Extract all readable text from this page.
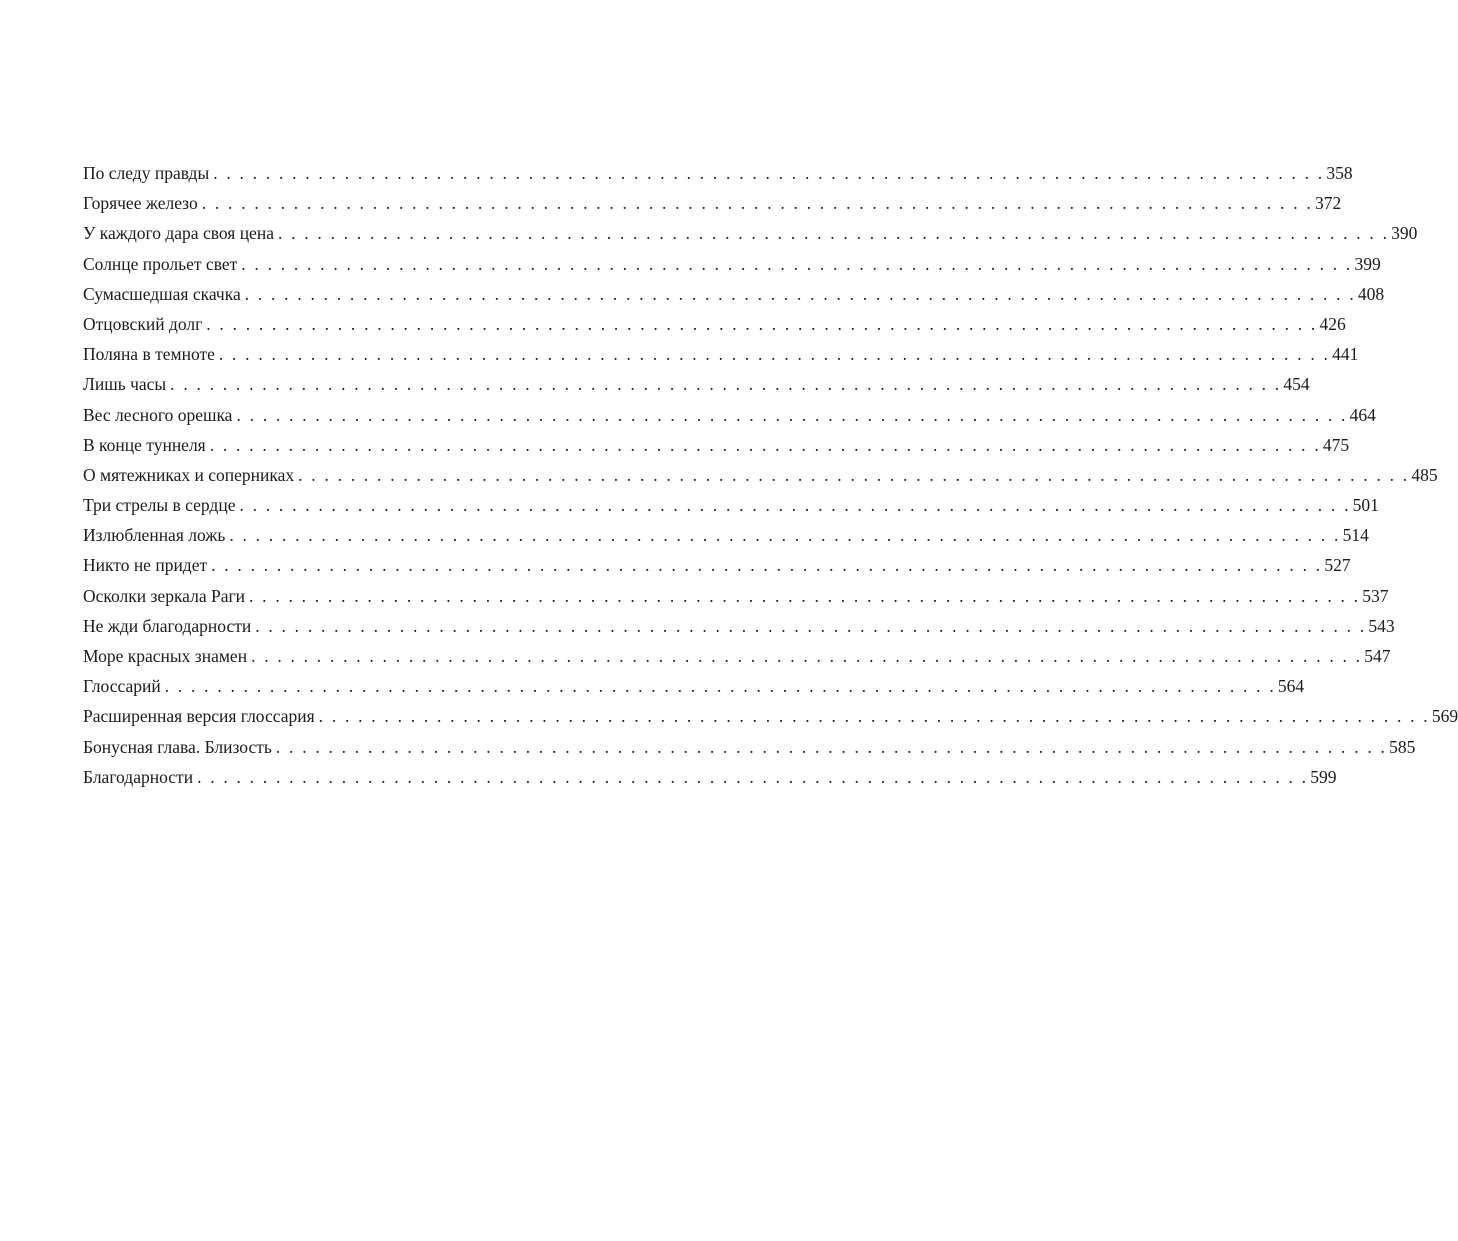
По следу правды . . . . . . . . . . . . . . . . . . . . . . . . . . . . . . . . . . . . . . . . . . . . . . . . . . . . . . . . . . . . . . . . . . . . . . . . . . . . . . . . . . . . . 358
Горячее железо . . . . . . . . . . . . . . . . . . . . . . . . . . . . . . . . . . . . . . . . . . . . . . . . . . . . . . . . . . . . . . . . . . . . . . . . . . . . . . . . . . . . . 372
У каждого дара своя цена . . . . . . . . . . . . . . . . . . . . . . . . . . . . . . . . . . . . . . . . . . . . . . . . . . . . . . . . . . . . . . . . . . . . . . . . . . . . . . . . . . . . . 390
Солнце прольет свет . . . . . . . . . . . . . . . . . . . . . . . . . . . . . . . . . . . . . . . . . . . . . . . . . . . . . . . . . . . . . . . . . . . . . . . . . . . . . . . . . . . . . 399
Сумасшедшая скачка . . . . . . . . . . . . . . . . . . . . . . . . . . . . . . . . . . . . . . . . . . . . . . . . . . . . . . . . . . . . . . . . . . . . . . . . . . . . . . . . . . . . . 408
Отцовский долг . . . . . . . . . . . . . . . . . . . . . . . . . . . . . . . . . . . . . . . . . . . . . . . . . . . . . . . . . . . . . . . . . . . . . . . . . . . . . . . . . . . . . 426
Поляна в темноте . . . . . . . . . . . . . . . . . . . . . . . . . . . . . . . . . . . . . . . . . . . . . . . . . . . . . . . . . . . . . . . . . . . . . . . . . . . . . . . . . . . . . 441
Лишь часы . . . . . . . . . . . . . . . . . . . . . . . . . . . . . . . . . . . . . . . . . . . . . . . . . . . . . . . . . . . . . . . . . . . . . . . . . . . . . . . . . . . . . 454
Вес лесного орешка . . . . . . . . . . . . . . . . . . . . . . . . . . . . . . . . . . . . . . . . . . . . . . . . . . . . . . . . . . . . . . . . . . . . . . . . . . . . . . . . . . . . . 464
В конце туннеля . . . . . . . . . . . . . . . . . . . . . . . . . . . . . . . . . . . . . . . . . . . . . . . . . . . . . . . . . . . . . . . . . . . . . . . . . . . . . . . . . . . . . 475
О мятежниках и соперниках . . . . . . . . . . . . . . . . . . . . . . . . . . . . . . . . . . . . . . . . . . . . . . . . . . . . . . . . . . . . . . . . . . . . . . . . . . . . . . . . . . . . . 485
Три стрелы в сердце . . . . . . . . . . . . . . . . . . . . . . . . . . . . . . . . . . . . . . . . . . . . . . . . . . . . . . . . . . . . . . . . . . . . . . . . . . . . . . . . . . . . . 501
Излюбленная ложь . . . . . . . . . . . . . . . . . . . . . . . . . . . . . . . . . . . . . . . . . . . . . . . . . . . . . . . . . . . . . . . . . . . . . . . . . . . . . . . . . . . . . 514
Никто не придет . . . . . . . . . . . . . . . . . . . . . . . . . . . . . . . . . . . . . . . . . . . . . . . . . . . . . . . . . . . . . . . . . . . . . . . . . . . . . . . . . . . . . 527
Осколки зеркала Раги . . . . . . . . . . . . . . . . . . . . . . . . . . . . . . . . . . . . . . . . . . . . . . . . . . . . . . . . . . . . . . . . . . . . . . . . . . . . . . . . . . . . . 537
Не жди благодарности . . . . . . . . . . . . . . . . . . . . . . . . . . . . . . . . . . . . . . . . . . . . . . . . . . . . . . . . . . . . . . . . . . . . . . . . . . . . . . . . . . . . . 543
Море красных знамен . . . . . . . . . . . . . . . . . . . . . . . . . . . . . . . . . . . . . . . . . . . . . . . . . . . . . . . . . . . . . . . . . . . . . . . . . . . . . . . . . . . . . 547
Глоссарий . . . . . . . . . . . . . . . . . . . . . . . . . . . . . . . . . . . . . . . . . . . . . . . . . . . . . . . . . . . . . . . . . . . . . . . . . . . . . . . . . . . . . 564
Расширенная версия глоссария . . . . . . . . . . . . . . . . . . . . . . . . . . . . . . . . . . . . . . . . . . . . . . . . . . . . . . . . . . . . . . . . . . . . . . . . . . . . . . . . . . . . . 569
Бонусная глава. Близость . . . . . . . . . . . . . . . . . . . . . . . . . . . . . . . . . . . . . . . . . . . . . . . . . . . . . . . . . . . . . . . . . . . . . . . . . . . . . . . . . . . . . 585
Благодарности . . . . . . . . . . . . . . . . . . . . . . . . . . . . . . . . . . . . . . . . . . . . . . . . . . . . . . . . . . . . . . . . . . . . . . . . . . . . . . . . . . . . . 599
